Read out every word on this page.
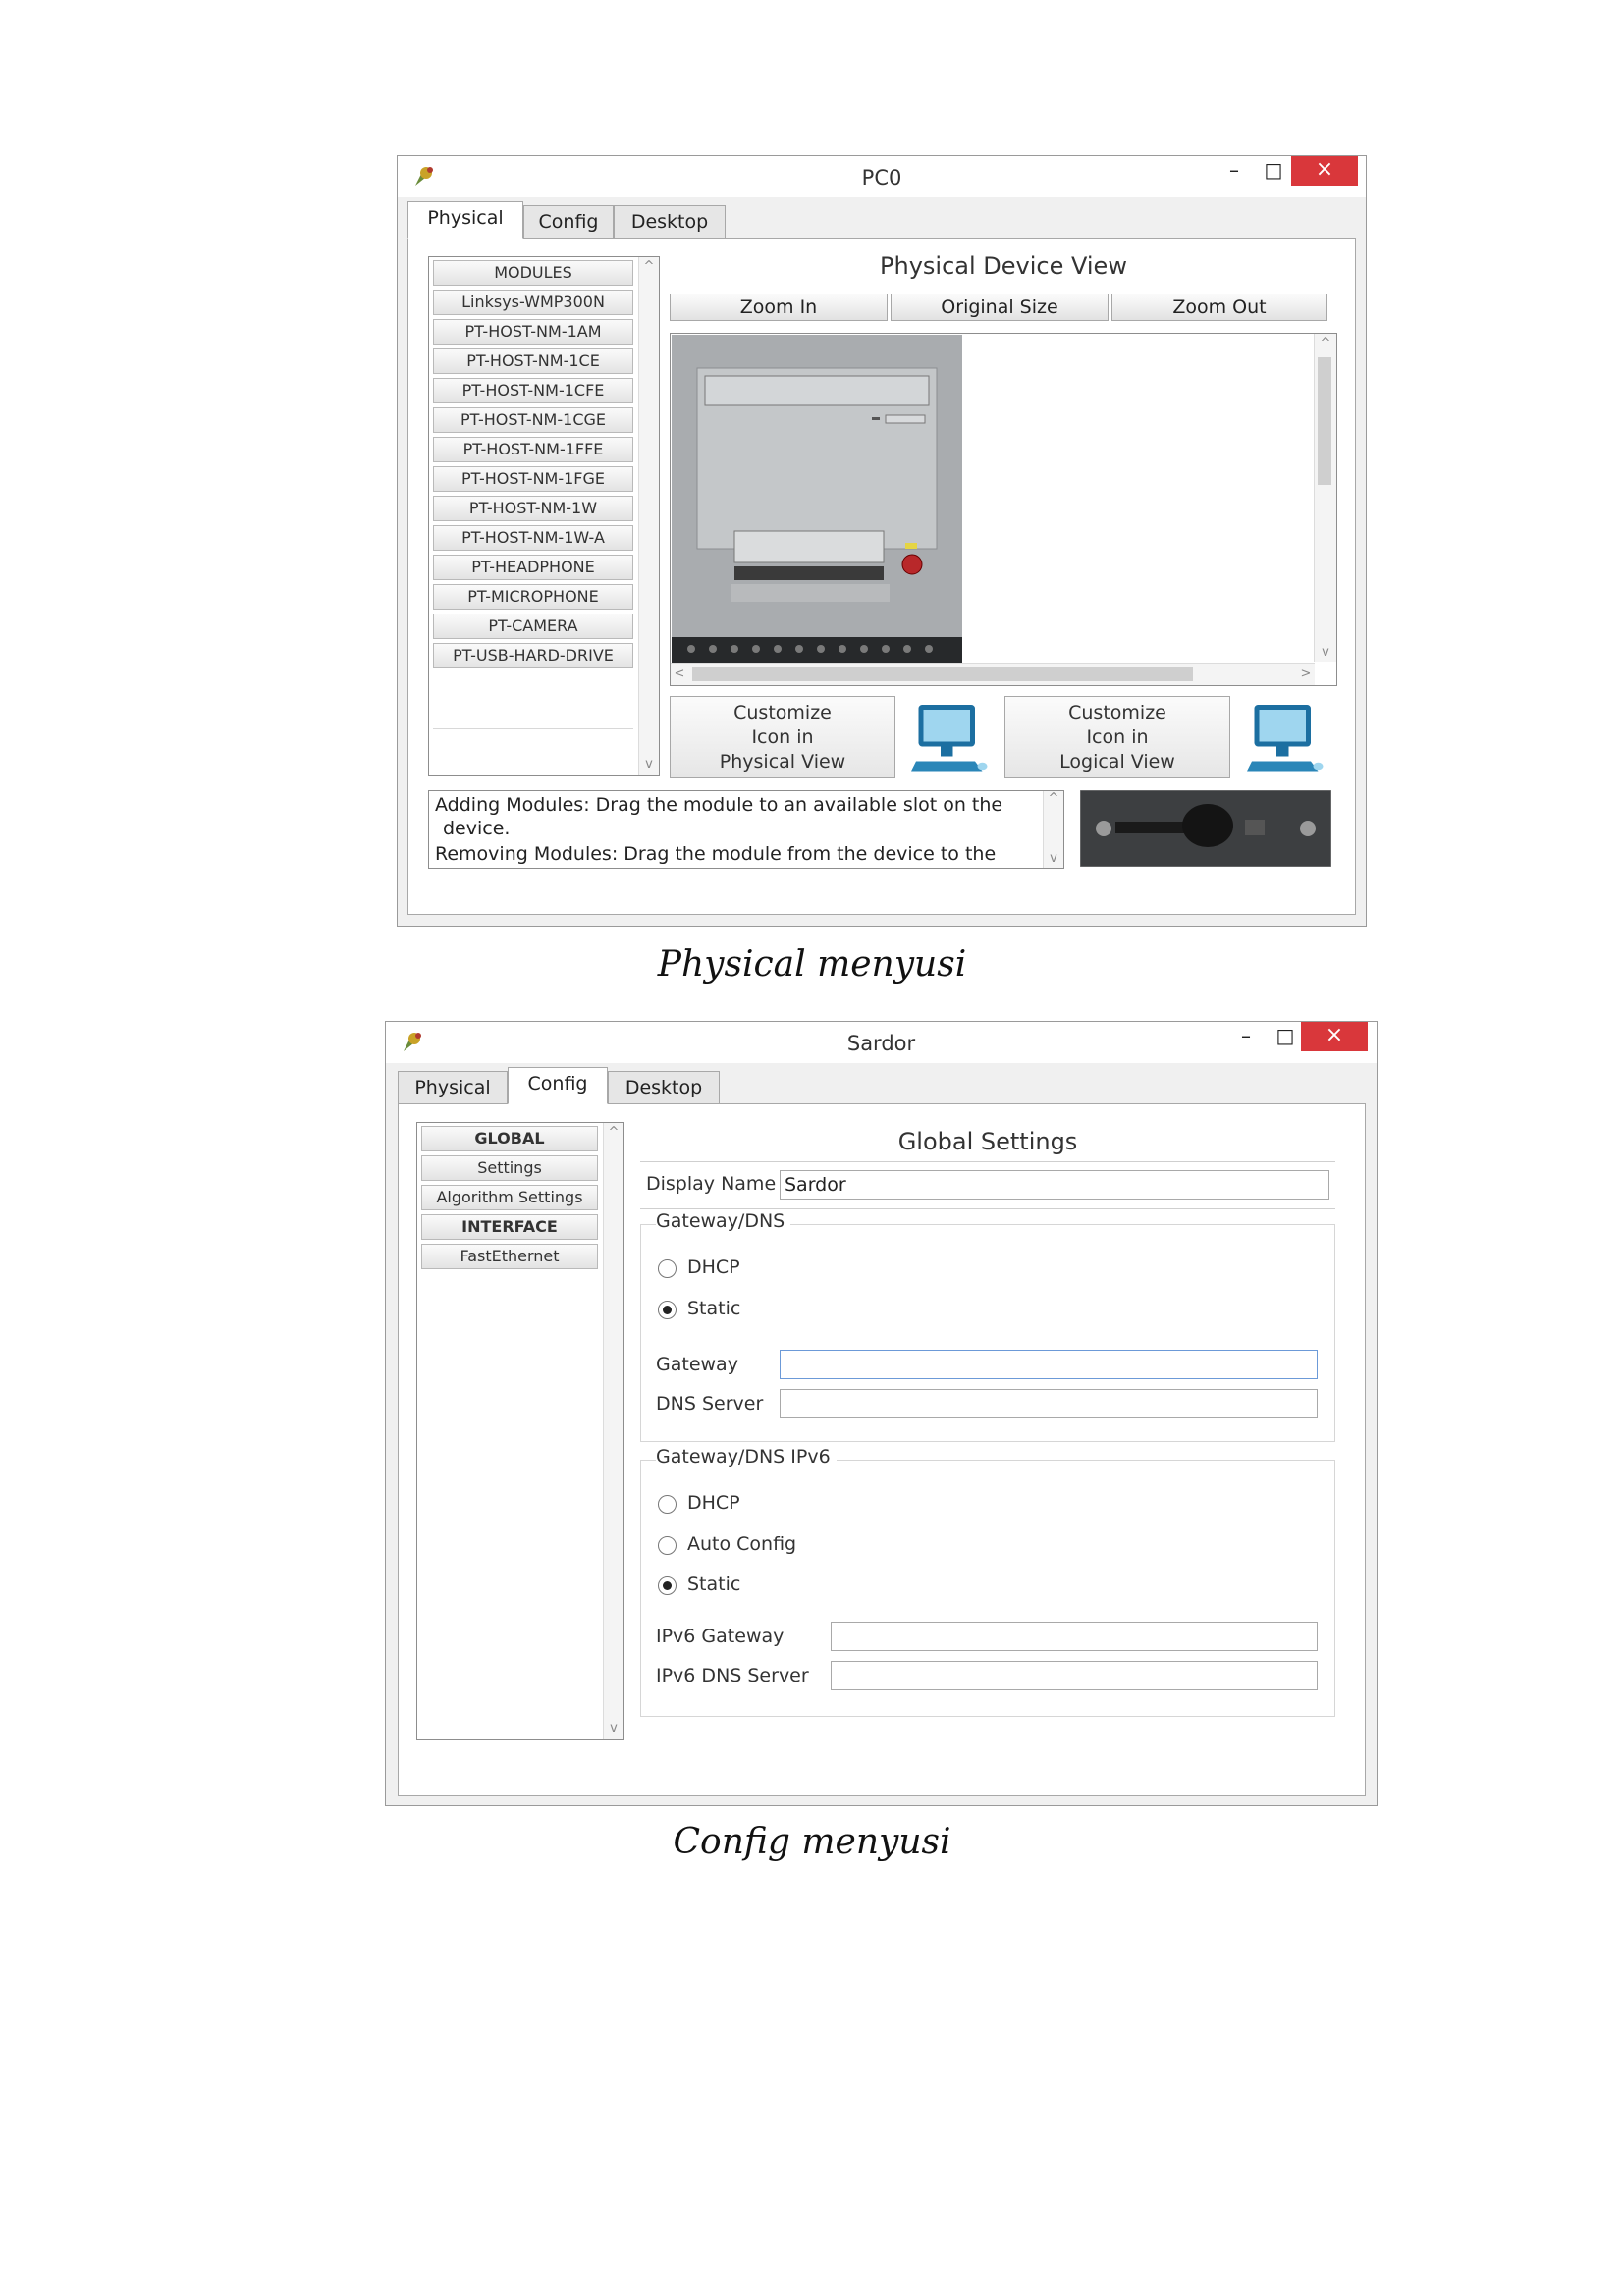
PC0	–	□	×
Physical	Config	Desktop
MODULES
Linksys-WMP300N
PT-HOST-NM-1AM
PT-HOST-NM-1CE
PT-HOST-NM-1CFE
PT-HOST-NM-1CGE
PT-HOST-NM-1FFE
PT-HOST-NM-1FGE
PT-HOST-NM-1W
PT-HOST-NM-1W-A
PT-HEADPHONE
PT-MICROPHONE
PT-CAMERA
PT-USB-HARD-DRIVE
^
v
Physical Device View
Zoom In	Original Size	Zoom Out
^
v
<	>
Customize
Icon in
Physical View
Customize
Icon in
Logical View
Adding Modules: Drag the module to an available slot on the
device.
Removing Modules: Drag the module from the device to the
^
v
Physical menyusi
Sardor	–	□	×
Physical	Config	Desktop
GLOBAL
Settings
Algorithm Settings
INTERFACE
FastEthernet
^
v
Global Settings
Display Name Sardor
Gateway/DNS
DHCP
Static
Gateway
DNS Server
Gateway/DNS IPv6
DHCP
Auto Config
Static
IPv6 Gateway
IPv6 DNS Server
Config menyusi
